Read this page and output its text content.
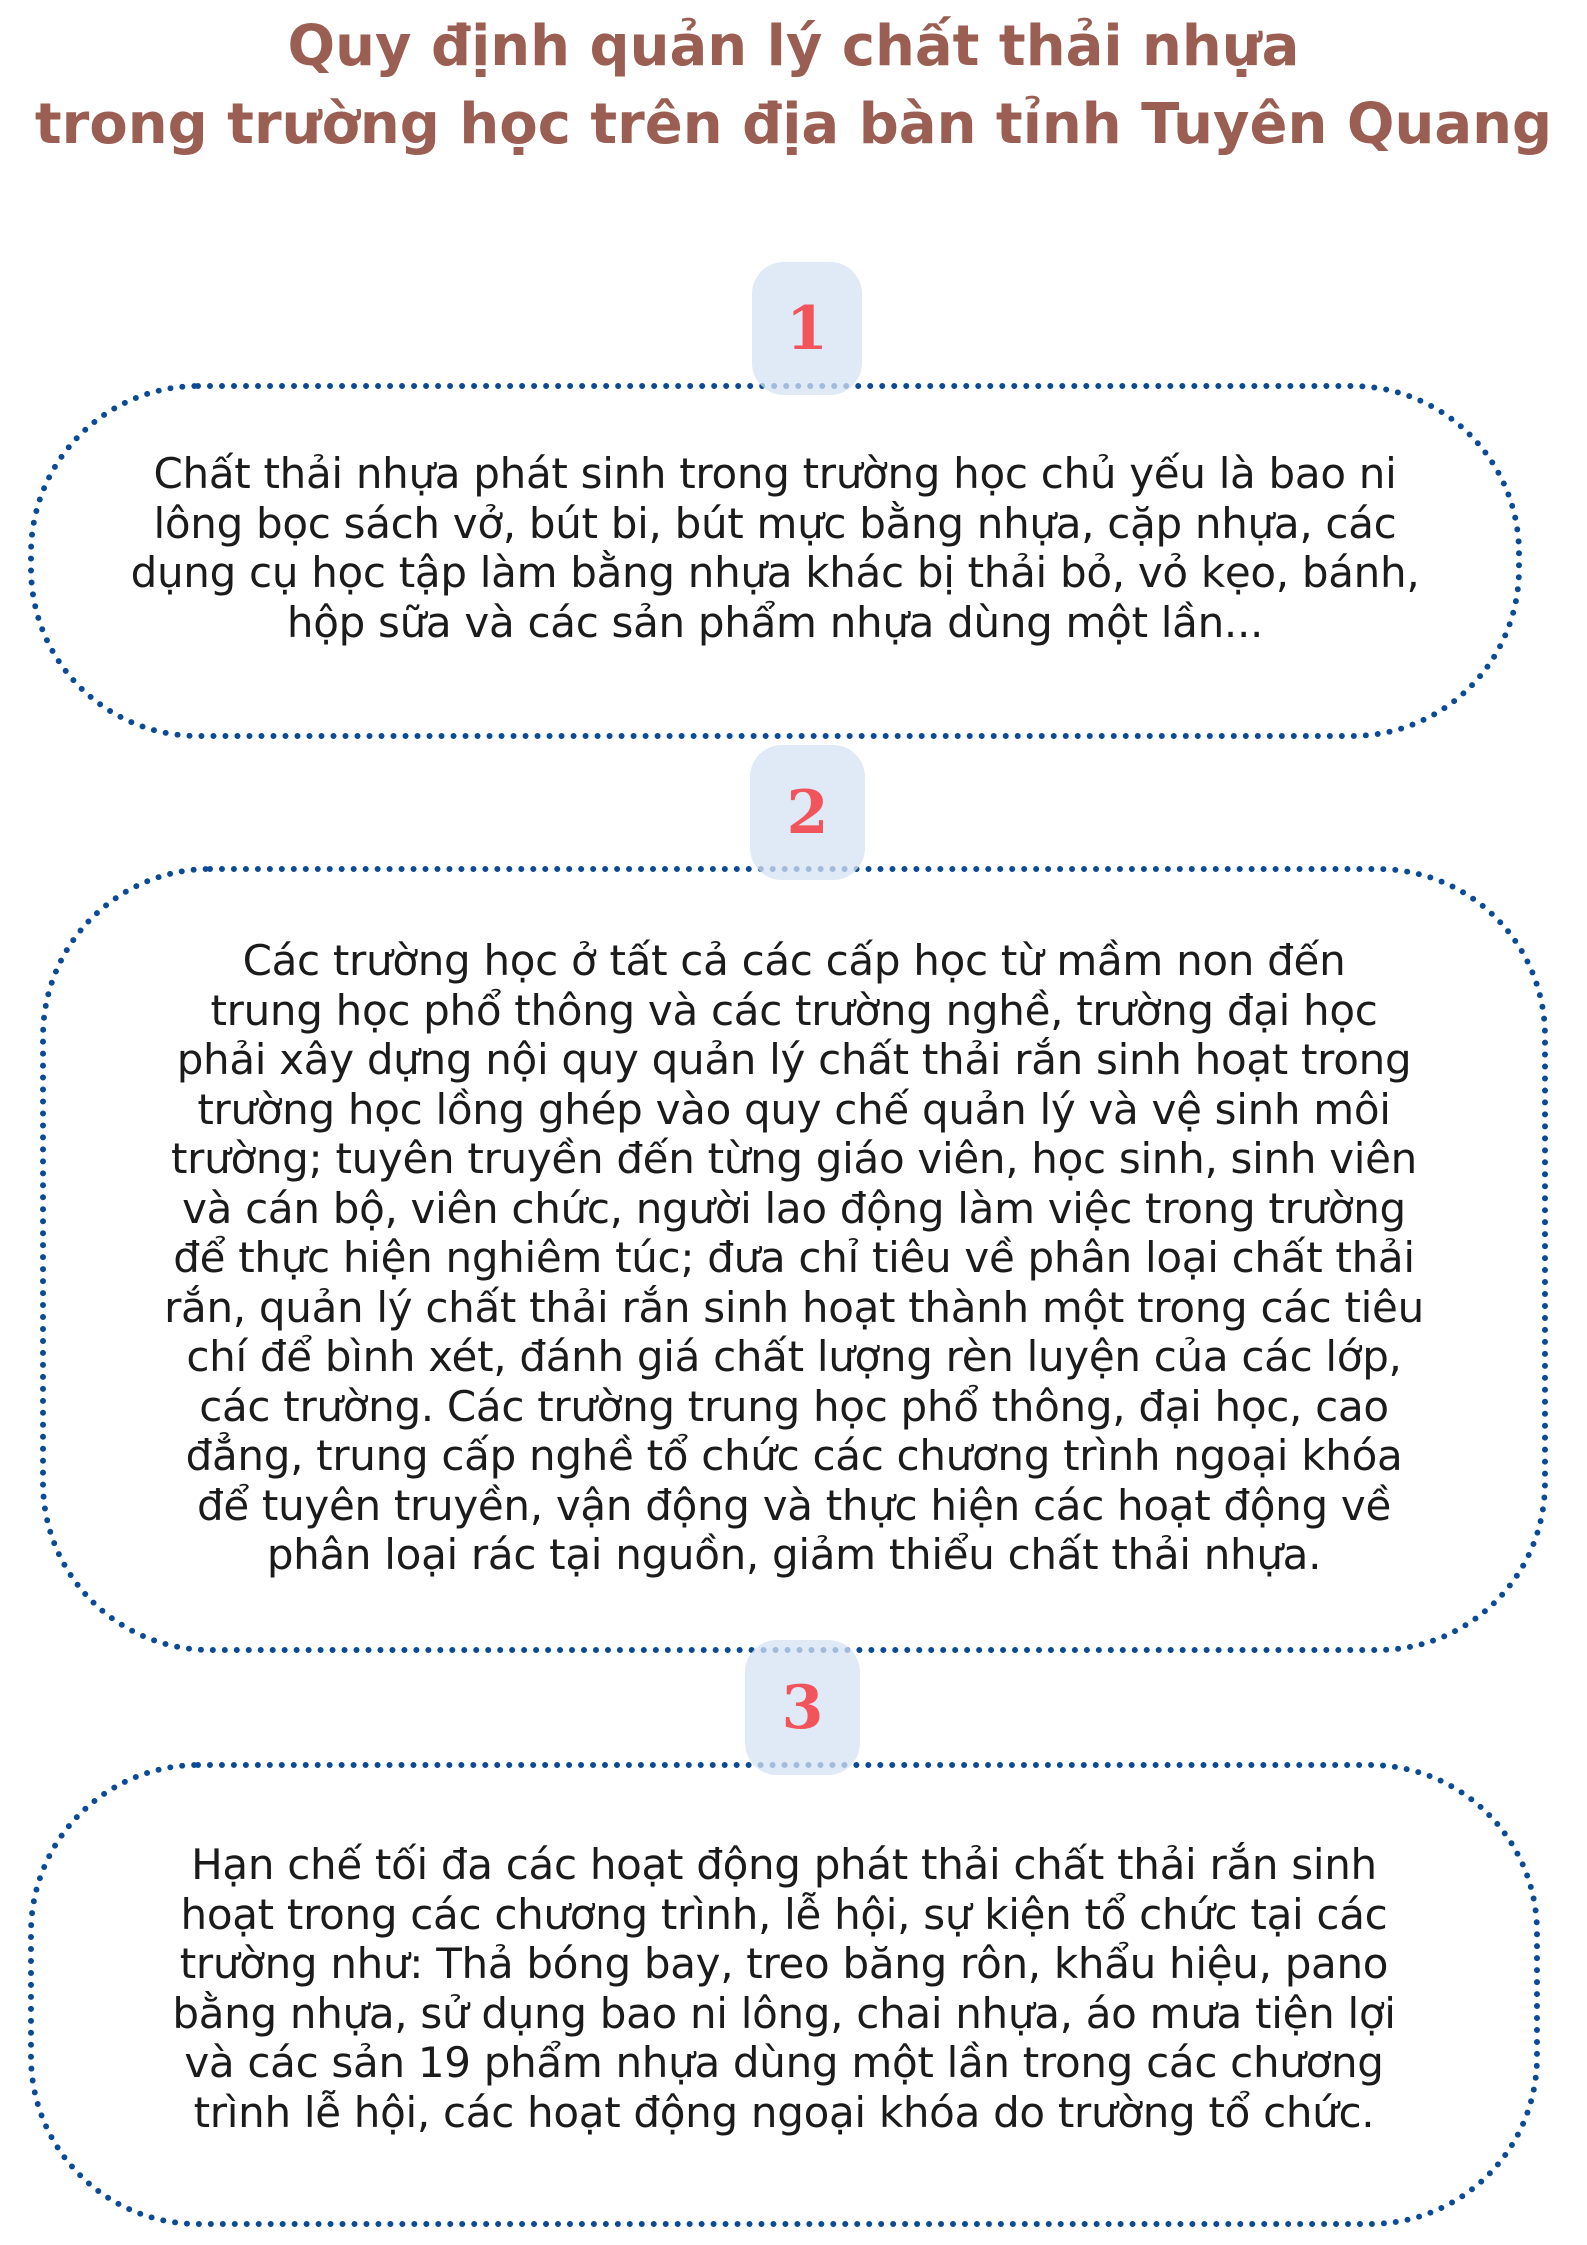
Quy định quản lý chất thải nhựa
trong trường học trên địa bàn tỉnh Tuyên Quang
Chất thải nhựa phát sinh trong trường học chủ yếu là bao ni
lông bọc sách vở, bút bi, bút mực bằng nhựa, cặp nhựa, các
dụng cụ học tập làm bằng nhựa khác bị thải bỏ, vỏ kẹo, bánh,
hộp sữa và các sản phẩm nhựa dùng một lần...
1
Các trường học ở tất cả các cấp học từ mầm non đến
trung học phổ thông và các trường nghề, trường đại học
phải xây dựng nội quy quản lý chất thải rắn sinh hoạt trong
trường học lồng ghép vào quy chế quản lý và vệ sinh môi
trường; tuyên truyền đến từng giáo viên, học sinh, sinh viên
và cán bộ, viên chức, người lao động làm việc trong trường
để thực hiện nghiêm túc; đưa chỉ tiêu về phân loại chất thải
rắn, quản lý chất thải rắn sinh hoạt thành một trong các tiêu
chí để bình xét, đánh giá chất lượng rèn luyện của các lớp,
các trường. Các trường trung học phổ thông, đại học, cao
đẳng, trung cấp nghề tổ chức các chương trình ngoại khóa
để tuyên truyền, vận động và thực hiện các hoạt động về
phân loại rác tại nguồn, giảm thiểu chất thải nhựa.
2
Hạn chế tối đa các hoạt động phát thải chất thải rắn sinh
hoạt trong các chương trình, lễ hội, sự kiện tổ chức tại các
trường như: Thả bóng bay, treo băng rôn, khẩu hiệu, pano
bằng nhựa, sử dụng bao ni lông, chai nhựa, áo mưa tiện lợi
và các sản 19 phẩm nhựa dùng một lần trong các chương
trình lễ hội, các hoạt động ngoại khóa do trường tổ chức.
3
